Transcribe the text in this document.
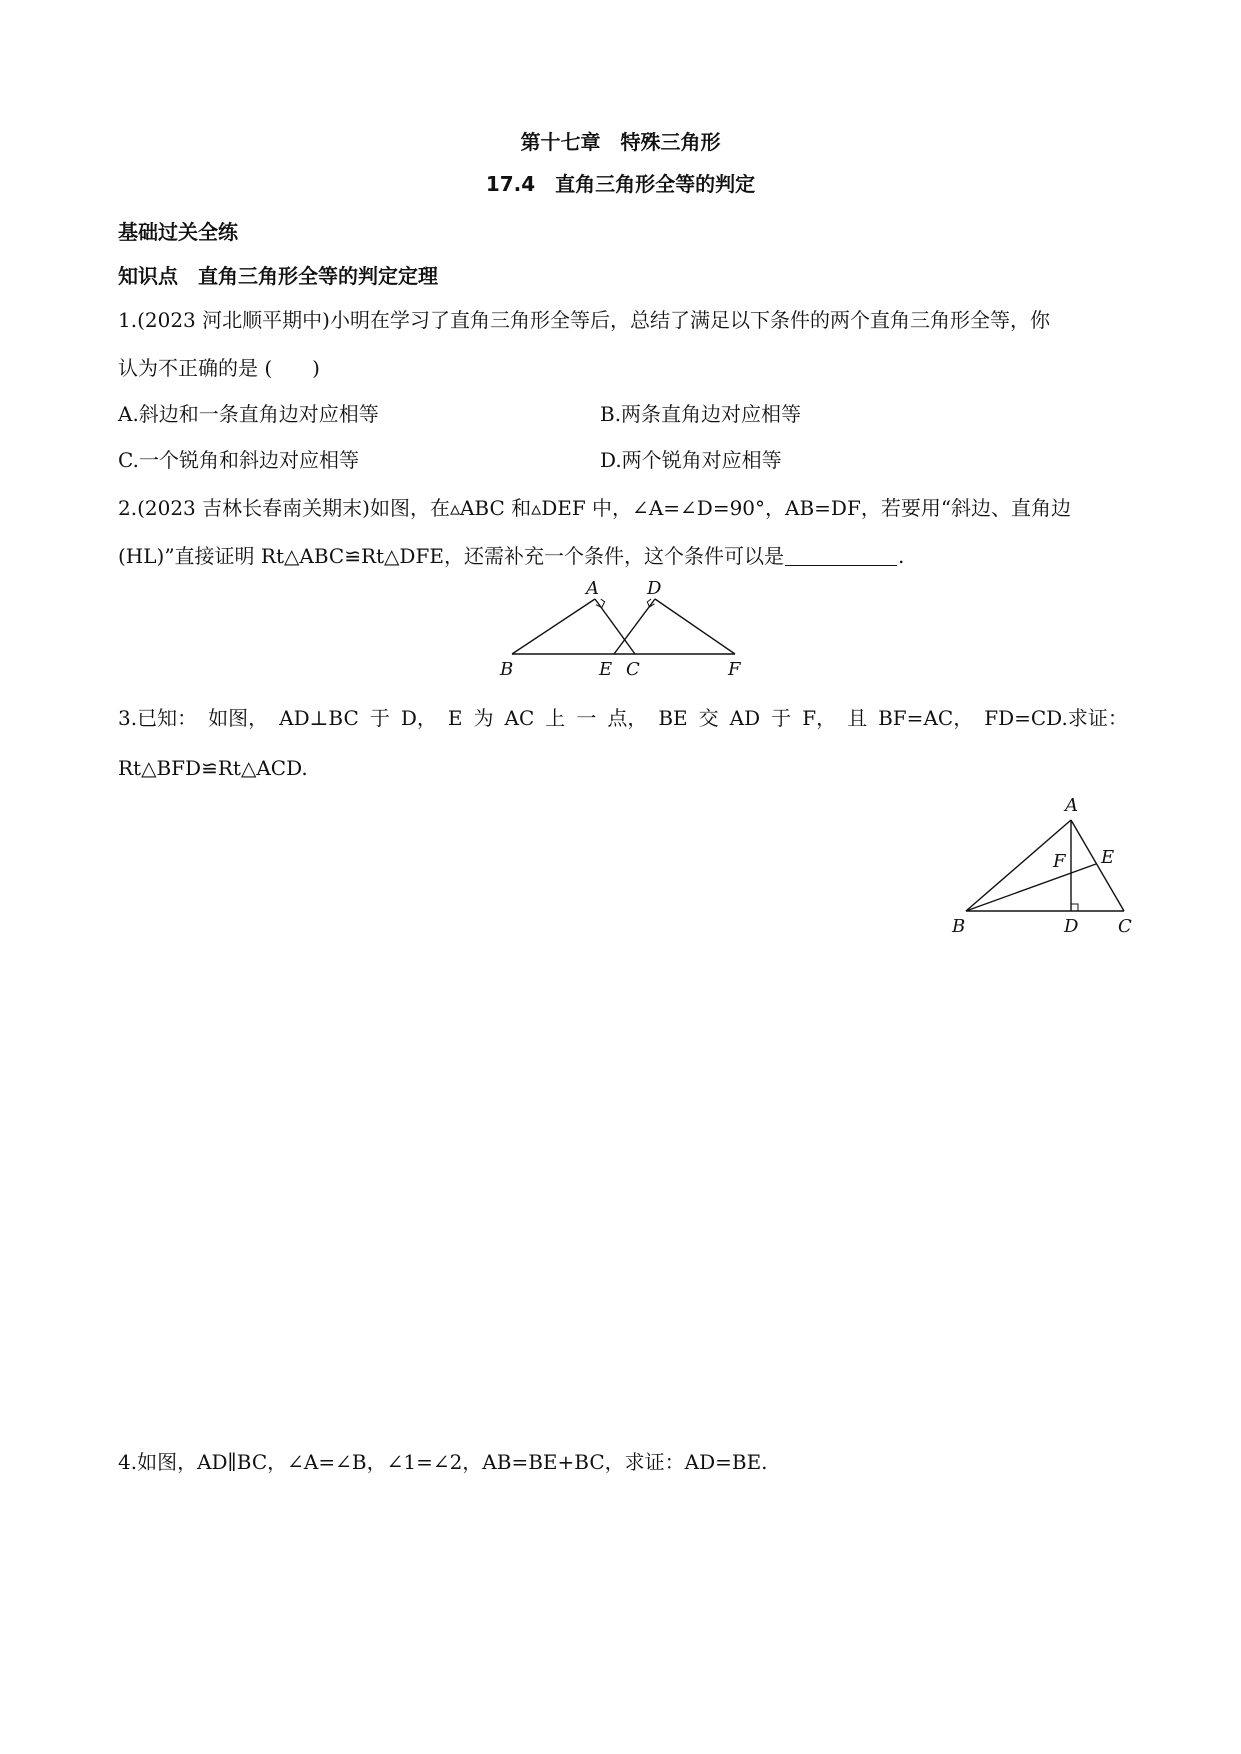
第十七章　特殊三角形
17.4　直角三角形全等的判定
基础过关全练
知识点　直角三角形全等的判定定理
1.(2023 河北顺平期中)小明在学习了直角三角形全等后，总结了满足以下条件的两个直角三角形全等，你
认为不正确的是 (　　)
A.斜边和一条直角边对应相等	B.两条直角边对应相等
C.一个锐角和斜边对应相等	D.两个锐角对应相等
2.(2023 吉林长春南关期末)如图，在▵ABC 和▵DEF 中，∠A=∠D=90°，AB=DF，若要用“斜边、直角边
(HL)”直接证明 Rt△ABC≌Rt△DFE，还需补充一个条件，这个条件可以是	.
A	D
B	E C	F
3.已知： 如图， AD⊥BC 于 D， E 为 AC 上 一 点， BE 交 AD 于 F， 且 BF=AC， FD=CD.求证：
Rt△BFD≌Rt△ACD.
A
E
F
B	D C
4.如图，AD∥BC，∠A=∠B，∠1=∠2，AB=BE+BC，求证：AD=BE.
